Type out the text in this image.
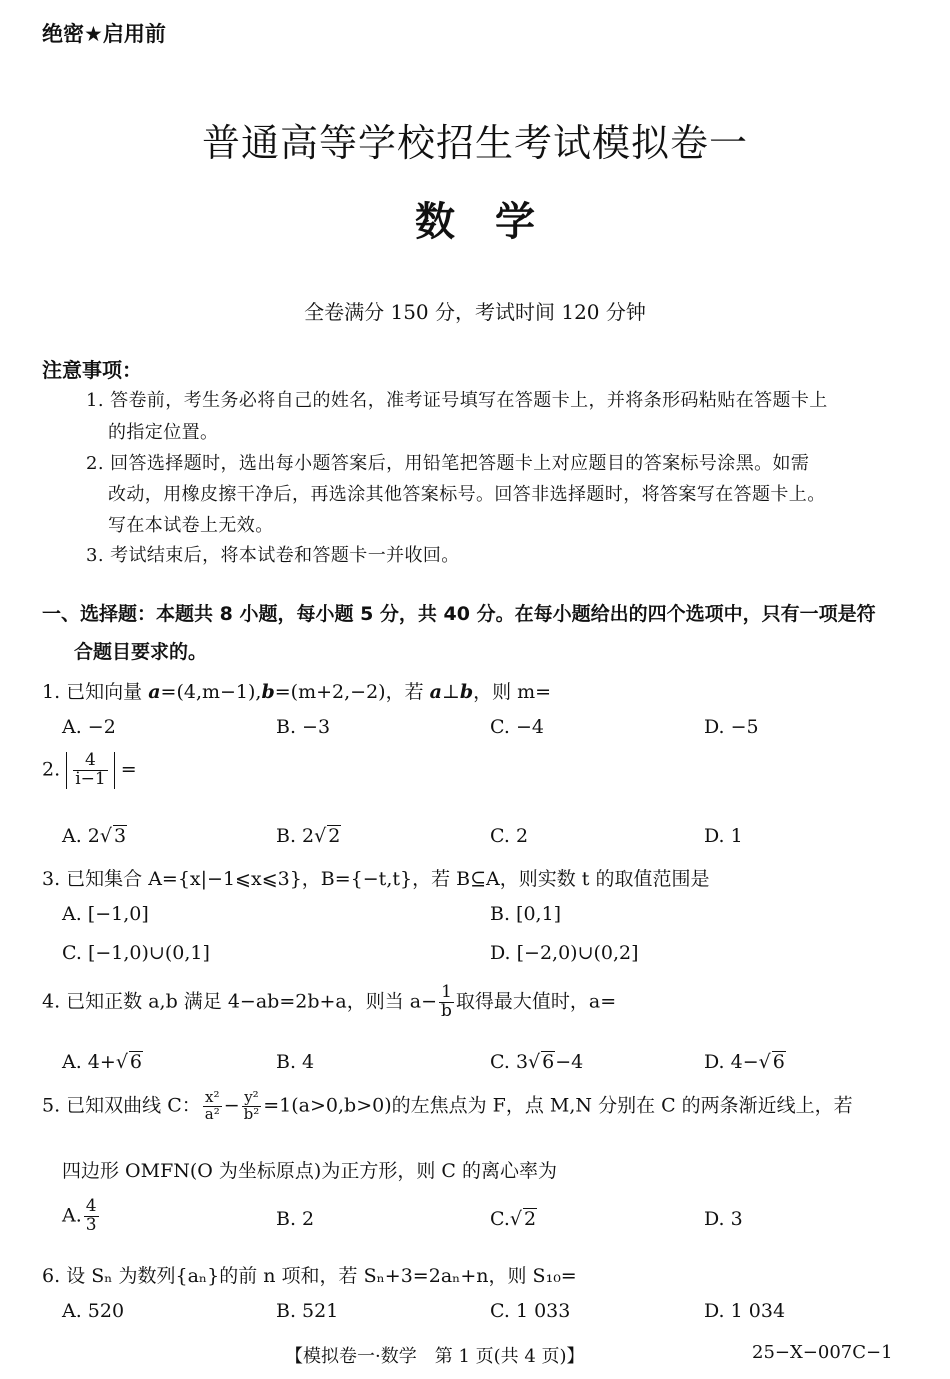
绝密★启用前
普通高等学校招生考试模拟卷一
数　学
全卷满分 150 分，考试时间 120 分钟
注意事项：
1. 答卷前，考生务必将自己的姓名，准考证号填写在答题卡上，并将条形码粘贴在答题卡上
的指定位置。
2. 回答选择题时，选出每小题答案后，用铅笔把答题卡上对应题目的答案标号涂黑。如需
改动，用橡皮擦干净后，再选涂其他答案标号。回答非选择题时，将答案写在答题卡上。
写在本试卷上无效。
3. 考试结束后，将本试卷和答题卡一并收回。
一、选择题：本题共 8 小题，每小题 5 分，共 40 分。在每小题给出的四个选项中，只有一项是符
合题目要求的。
1. 已知向量 a=(4,m−1),b=(m+2,−2)，若 a⊥b，则 m=
A. −2	B. −3	C. −4	D. −5
2. $\frac{4}{i-1}$ =
A. 2√ 3	B. 2√ 2	C. 2	D. 1
3. 已知集合 A={x|−1⩽x⩽3}，B={−t,t}，若 B⊆A，则实数 t 的取值范围是
A. [−1,0]	B. [0,1]
C. [−1,0)∪(0,1]	D. [−2,0)∪(0,2]
4. 已知正数 a,b 满足 4−ab=2b+a，则当 $a- \frac{1}{b}$ 取得最大值时，a=
A. 4+√ 6	B. 4	C. 3√ 6−4	D. 4−√ 6
5. 已知双曲线 C： $\frac{\text{x²}}{\text{a²}} - \frac{\text{y²}}{\text{b²}} =1(a>0,b>0)$的左焦点为 F，点 M,N 分别在 C 的两条渐近线上，若
四边形 OMFN(O 为坐标原点)为正方形，则 C 的离心率为
A. $\frac{4}{3}$	B. 2	C.√ 2	D. 3
6. 设 Sₙ 为数列{aₙ}的前 n 项和，若 Sₙ+3=2aₙ+n，则 S₁₀=
A. 520	B. 521	C. 1 033	D. 1 034
【模拟卷一·数学　第 1 页(共 4 页)】	25−X−007C−1
